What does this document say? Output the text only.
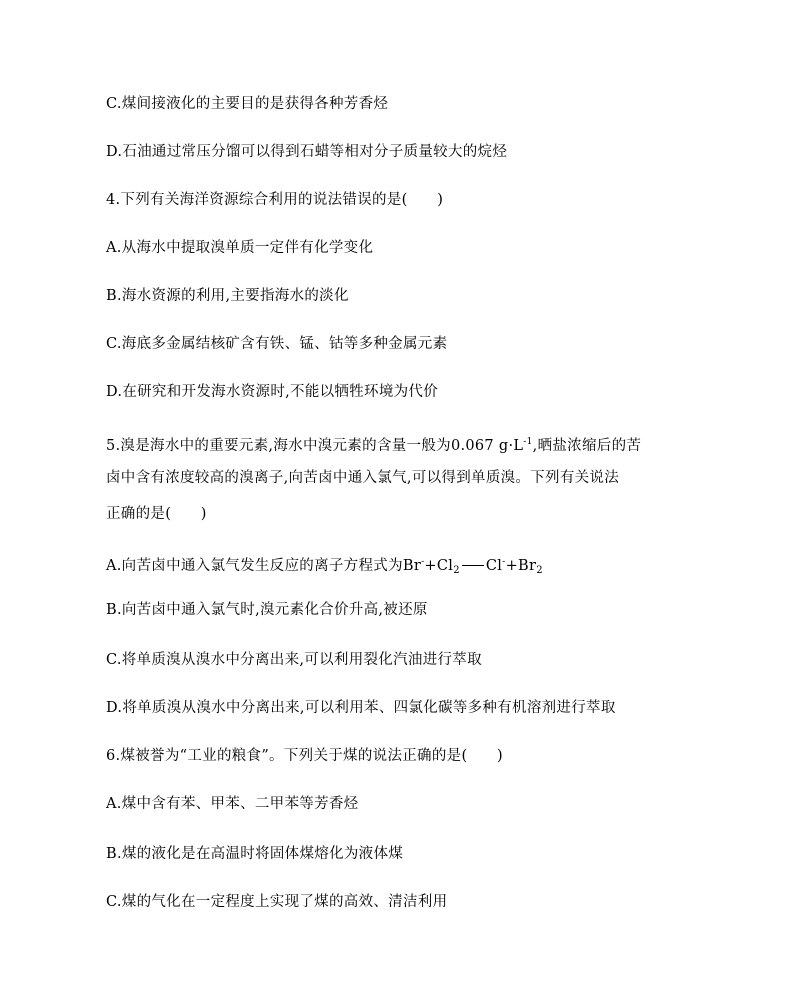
C.煤间接液化的主要目的是获得各种芳香烃
D.石油通过常压分馏可以得到石蜡等相对分子质量较大的烷烃
4.下列有关海洋资源综合利用的说法错误的是(　　)
A.从海水中提取溴单质一定伴有化学变化
B.海水资源的利用,主要指海水的淡化
C.海底多金属结核矿含有铁、锰、钴等多种金属元素
D.在研究和开发海水资源时,不能以牺牲环境为代价
5.溴是海水中的重要元素,海水中溴元素的含量一般为0.067 $g\cdot L^{-1}$,晒盐浓缩后的苦
卤中含有浓度较高的溴离子,向苦卤中通入氯气,可以得到单质溴。下列有关说法
正确的是(　　)
A.向苦卤中通入氯气发生反应的离子方程式为$Br^-+Cl_2$ $Cl^-+Br_2$
B.向苦卤中通入氯气时,溴元素化合价升高,被还原
C.将单质溴从溴水中分离出来,可以利用裂化汽油进行萃取
D.将单质溴从溴水中分离出来,可以利用苯、四氯化碳等多种有机溶剂进行萃取
6.煤被誉为“工业的粮食”。下列关于煤的说法正确的是(　　)
A.煤中含有苯、甲苯、二甲苯等芳香烃
B.煤的液化是在高温时将固体煤熔化为液体煤
C.煤的气化在一定程度上实现了煤的高效、清洁利用
